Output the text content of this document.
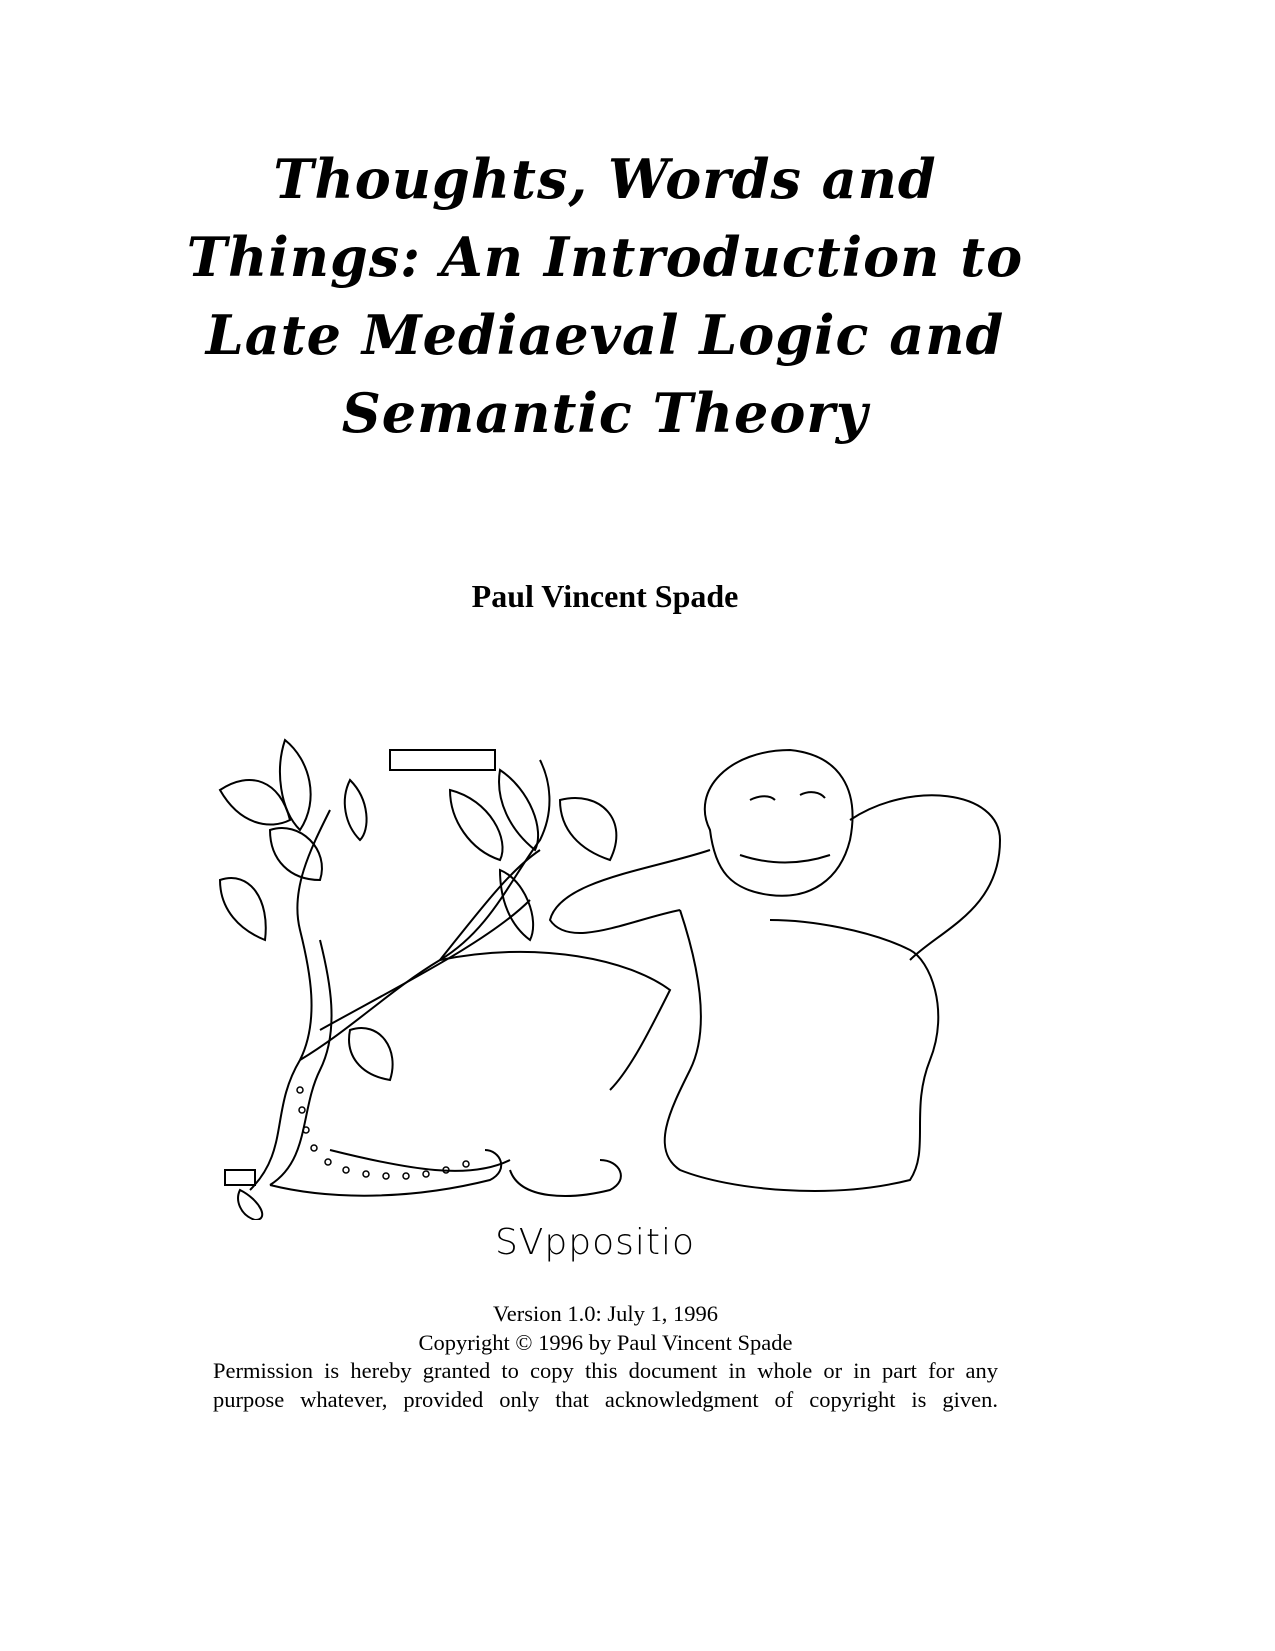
Thoughts, Words and
Things: An Introduction to
Late Mediaeval Logic and
Semantic Theory
Paul Vincent Spade
SVppositio
Version 1.0: July 1, 1996
Copyright © 1996 by Paul Vincent Spade
Permission is hereby granted to copy this document in whole or in part for any
purpose whatever, provided only that acknowledgment of copyright is given.
